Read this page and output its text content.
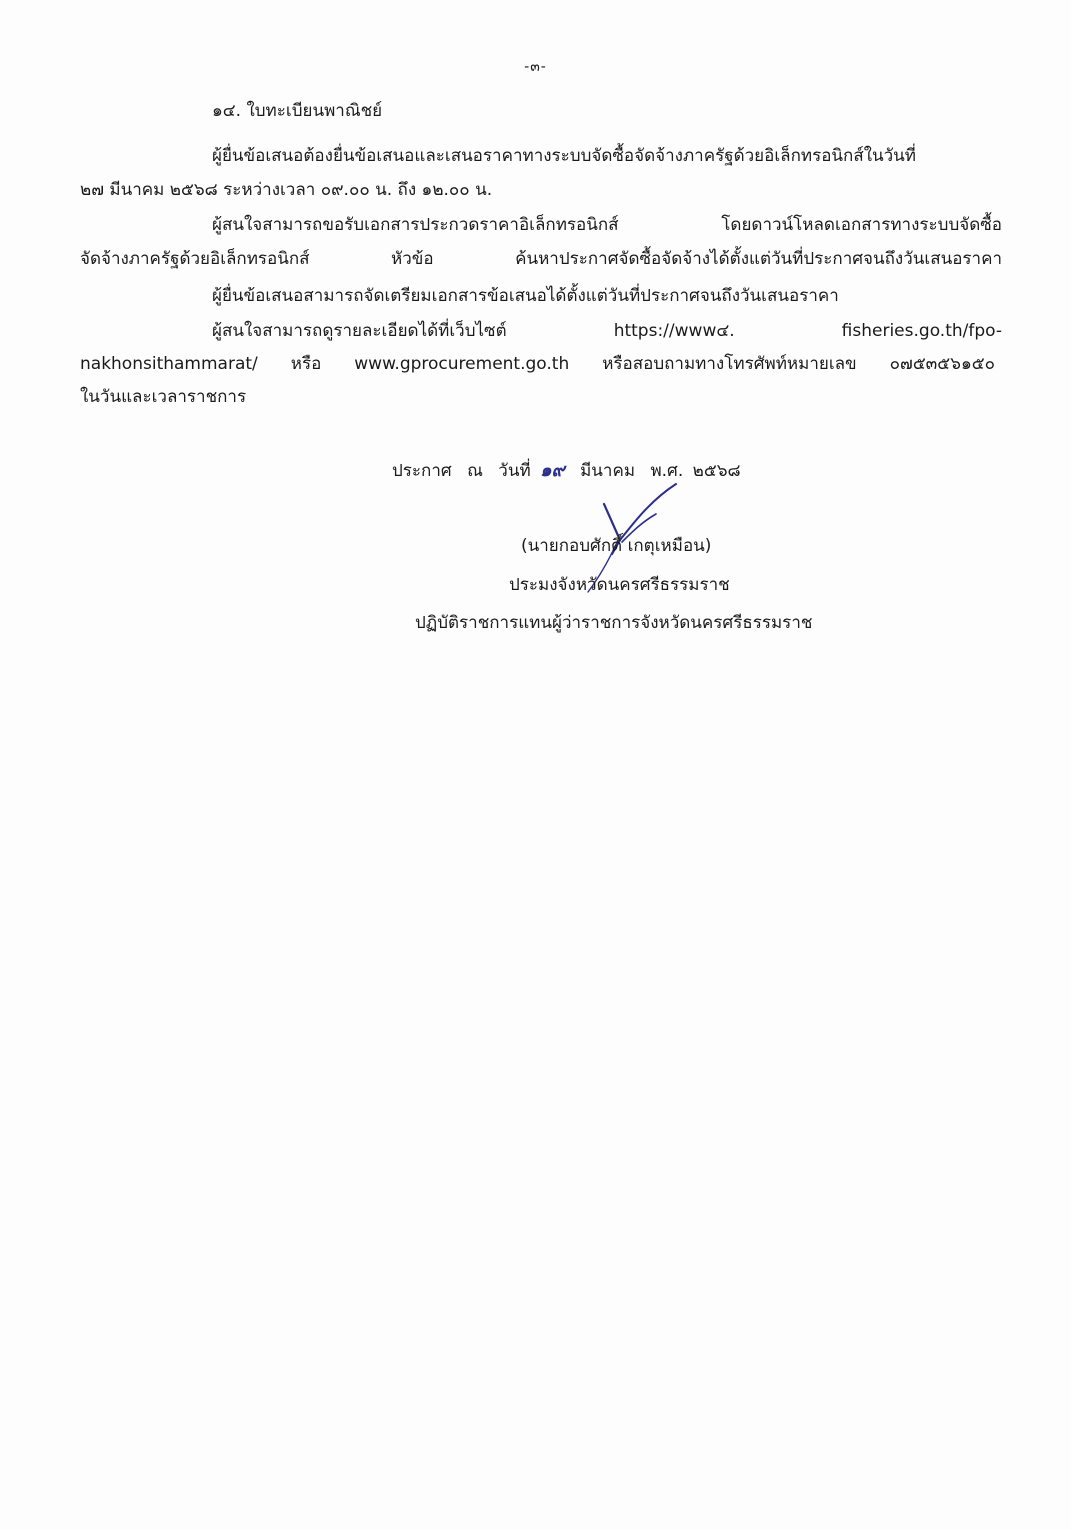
-๓-
๑๔. ใบทะเบียนพาณิชย์
ผู้ยื่นข้อเสนอต้องยื่นข้อเสนอและเสนอราคาทางระบบจัดซื้อจัดจ้างภาครัฐด้วยอิเล็กทรอนิกส์ในวันที่
๒๗ มีนาคม ๒๕๖๘ ระหว่างเวลา ๐๙.๐๐ น. ถึง ๑๒.๐๐ น.
ผู้สนใจสามารถขอรับเอกสารประกวดราคาอิเล็กทรอนิกส์ โดยดาวน์โหลดเอกสารทางระบบจัดซื้อ
จัดจ้างภาครัฐด้วยอิเล็กทรอนิกส์ หัวข้อ ค้นหาประกาศจัดซื้อจัดจ้างได้ตั้งแต่วันที่ประกาศจนถึงวันเสนอราคา
ผู้ยื่นข้อเสนอสามารถจัดเตรียมเอกสารข้อเสนอได้ตั้งแต่วันที่ประกาศจนถึงวันเสนอราคา
ผู้สนใจสามารถดูรายละเอียดได้ที่เว็บไซต์ https://www๔. fisheries.go.th/fpo-
nakhonsithammarat/ หรือ www.gprocurement.go.th หรือสอบถามทางโทรศัพท์หมายเลข ๐๗๕๓๕๖๑๕๐
ในวันและเวลาราชการ
ประกาศ ณ วันที่ ๑๙ มีนาคม พ.ศ. ๒๕๖๘
(นายกอบศักดิ์ เกตุเหมือน)
ประมงจังหวัดนครศรีธรรมราช
ปฏิบัติราชการแทนผู้ว่าราชการจังหวัดนครศรีธรรมราช
